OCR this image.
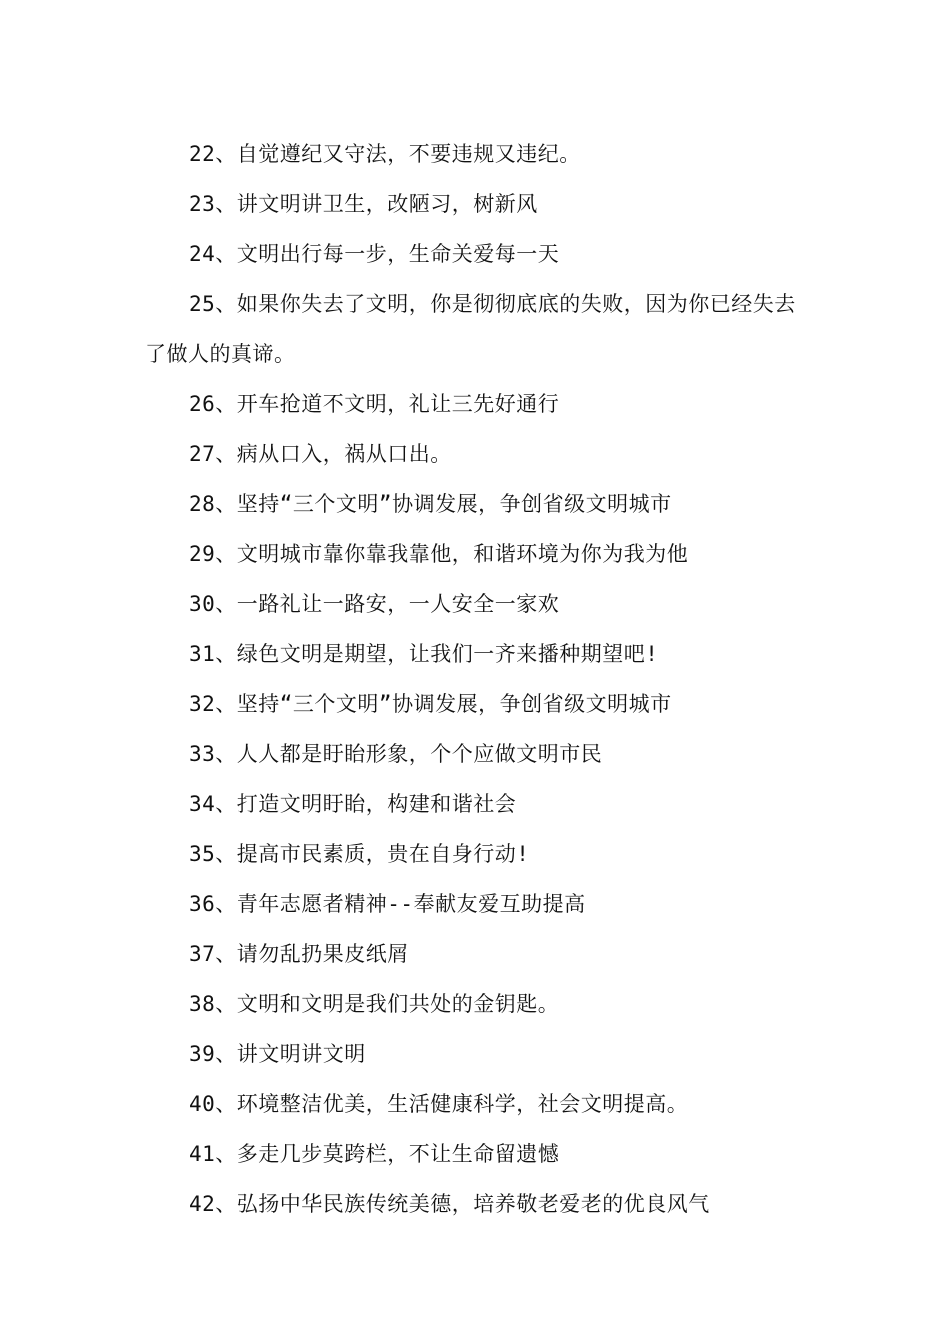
22、自觉遵纪又守法，不要违规又违纪。

23、讲文明讲卫生，改陋习，树新风

24、文明出行每一步，生命关爱每一天

25、如果你失去了文明，你是彻彻底底的失败，因为你已经失去了做人的真谛。

26、开车抢道不文明，礼让三先好通行

27、病从口入，祸从口出。

28、坚持“三个文明”协调发展，争创省级文明城市

29、文明城市靠你靠我靠他，和谐环境为你为我为他

30、一路礼让一路安，一人安全一家欢

31、绿色文明是期望，让我们一齐来播种期望吧!

32、坚持“三个文明”协调发展，争创省级文明城市

33、人人都是盱眙形象，个个应做文明市民

34、打造文明盱眙，构建和谐社会

35、提高市民素质，贵在自身行动!

36、青年志愿者精神--奉献友爱互助提高

37、请勿乱扔果皮纸屑

38、文明和文明是我们共处的金钥匙。

39、讲文明讲文明

40、环境整洁优美，生活健康科学，社会文明提高。

41、多走几步莫跨栏，不让生命留遗憾

42、弘扬中华民族传统美德，培养敬老爱老的优良风气
